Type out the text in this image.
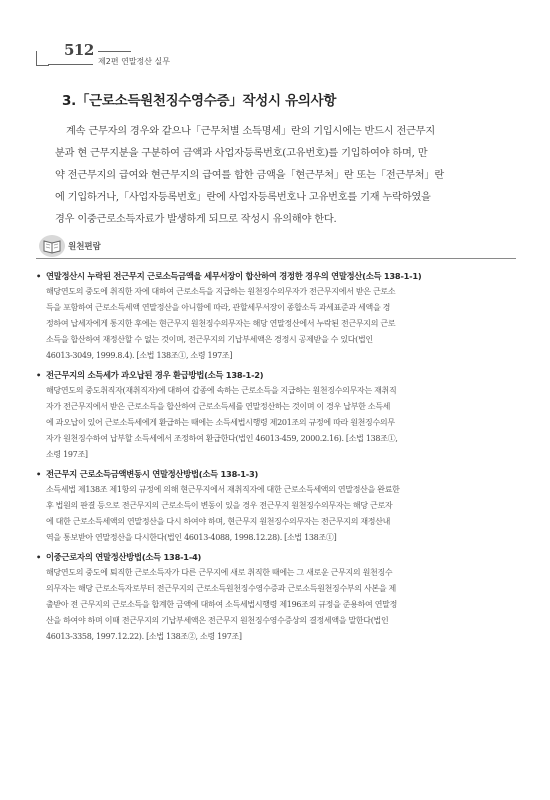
512
제2편 연말정산 실무
3.「근로소득원천징수영수증」작성시 유의사항
계속 근무자의 경우와 같으나「근무처별 소득명세」란의 기입시에는 반드시 전근무지
분과 현 근무지분을 구분하여 금액과 사업자등록번호(고유번호)를 기입하여야 하며, 만
약 전근무지의 급여와 현근무지의 급여를 합한 금액을「현근무처」란 또는「전근무처」란
에 기입하거나,「사업자등록번호」란에 사업자등록번호나 고유번호를 기재 누락하였을
경우 이중근로소득자료가 발생하게 되므로 작성시 유의해야 한다.
원천편람
• 연말정산시 누락된 전근무지 근로소득금액을 세무서장이 합산하여 경정한 경우의 연말정산(소득 138-1-1)
해당연도의 중도에 취직한 자에 대하여 근로소득을 지급하는 원천징수의무자가 전근무지에서 받은 근로소
득을 포함하여 근로소득세액 연말정산을 아니함에 따라, 관할세무서장이 종합소득 과세표준과 세액을 경
정하여 납세자에게 통지한 후에는 현근무지 원천징수의무자는 해당 연말정산에서 누락된 전근무지의 근로
소득을 합산하여 재정산할 수 없는 것이며, 전근무지의 기납부세액은 경정시 공제받을 수 있다(법인
46013-3049, 1999.8.4). [소법 138조①, 소령 197조]
• 전근무지의 소득세가 과오납된 경우 환급방법(소득 138-1-2)
해당연도의 중도취직자(재취직자)에 대하여 갑종에 속하는 근로소득을 지급하는 원천징수의무자는 재취직
자가 전근무지에서 받은 근로소득을 합산하여 근로소득세를 연말정산하는 것이며 이 경우 납부한 소득세
에 과오납이 있어 근로소득세에게 환급하는 때에는 소득세법시행령 제201조의 규정에 따라 원천징수의무
자가 원천징수하여 납부할 소득세에서 조정하여 환급한다(법인 46013-459, 2000.2.16). [소법 138조①,
소령 197조]
• 전근무지 근로소득금액변동시 연말정산방법(소득 138-1-3)
소득세법 제138조 제1항의 규정에 의해 현근무지에서 재취직자에 대한 근로소득세액의 연말정산을 완료한
후 법원의 판결 등으로 전근무지의 근로소득이 변동이 있을 경우 전근무지 원천징수의무자는 해당 근로자
에 대한 근로소득세액의 연말정산을 다시 하여야 하며, 현근무지 원천징수의무자는 전근무지의 재정산내
역을 통보받아 연말정산을 다시한다(법인 46013-4088, 1998.12.28). [소법 138조①]
• 이중근로자의 연말정산방법(소득 138-1-4)
해당연도의 중도에 퇴직한 근로소득자가 다른 근무지에 새로 취직한 때에는 그 새로운 근무지의 원천징수
의무자는 해당 근로소득자로부터 전근무지의 근로소득원천징수영수증과 근로소득원천징수부의 사본을 제
출받아 전 근무지의 근로소득을 합계한 금액에 대하여 소득세법시행령 제196조의 규정을 준용하여 연말정
산을 하여야 하며 이때 전근무지의 기납부세액은 전근무지 원천징수영수증상의 결정세액을 말한다(법인
46013-3358, 1997.12.22). [소법 138조②, 소령 197조]
